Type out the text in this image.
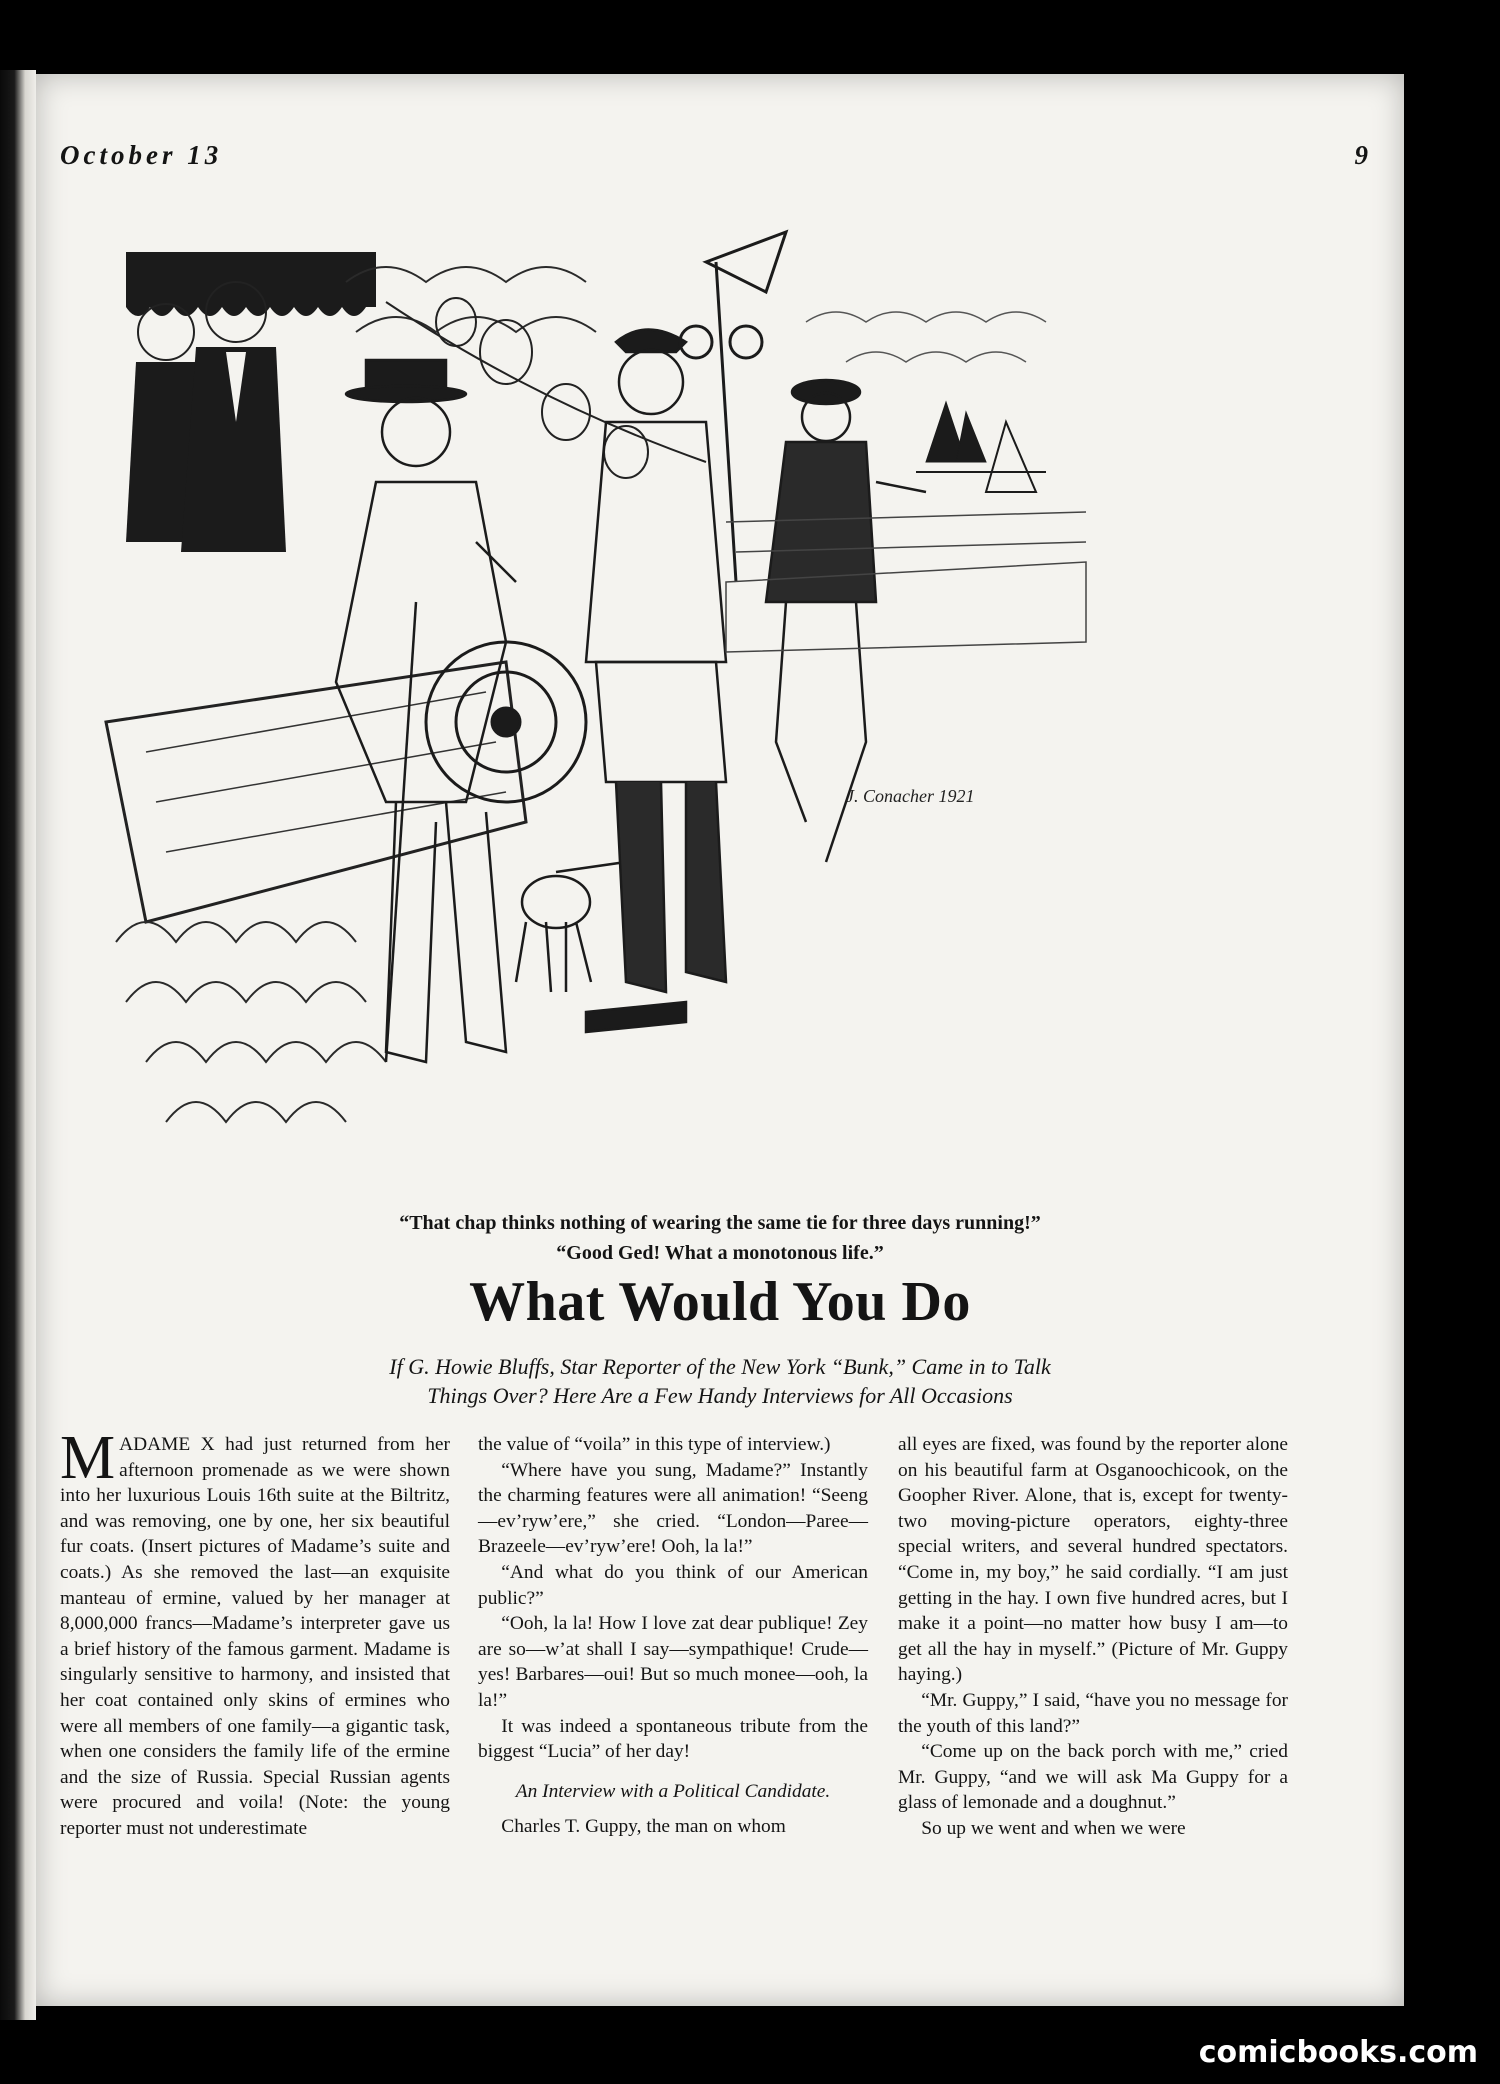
October 13	9
J. Conacher 1921
“That chap thinks nothing of wearing the same tie for three days running!”
“Good Ged! What a monotonous life.”
What Would You Do
If G. Howie Bluffs, Star Reporter of the New York “Bunk,” Came in to Talk
Things Over? Here Are a Few Handy Interviews for All Occasions

MADAME X had just returned from her afternoon promenade as we were shown into her luxurious Louis 16th suite at the Biltritz, and was removing, one by one, her six beautiful fur coats. (Insert pictures of Madame’s suite and coats.) As she removed the last—an exquisite manteau of ermine, valued by her manager at 8,000,000 francs—Madame’s interpreter gave us a brief history of the famous garment. Madame is singularly sensitive to harmony, and insisted that her coat contained only skins of ermines who were all members of one family—a gigantic task, when one considers the family life of the ermine and the size of Russia. Special Russian agents were procured and voila! (Note: the young reporter must not underestimate

the value of “voila” in this type of interview.)

“Where have you sung, Madame?” Instantly the charming features were all animation! “Seeng—ev’ryw’ere,” she cried. “London—Paree—Brazeele—ev’ryw’ere! Ooh, la la!”

“And what do you think of our American public?”

“Ooh, la la! How I love zat dear publique! Zey are so—w’at shall I say—sympathique! Crude—yes! Barbares—oui! But so much monee—ooh, la la!”

It was indeed a spontaneous tribute from the biggest “Lucia” of her day!

An Interview with a Political Candidate.

Charles T. Guppy, the man on whom

all eyes are fixed, was found by the reporter alone on his beautiful farm at Osganoochicook, on the Goopher River. Alone, that is, except for twenty-two moving-picture operators, eighty-three special writers, and several hundred spectators. “Come in, my boy,” he said cordially. “I am just getting in the hay. I own five hundred acres, but I make it a point—no matter how busy I am—to get all the hay in myself.” (Picture of Mr. Guppy haying.)

“Mr. Guppy,” I said, “have you no message for the youth of this land?”

“Come up on the back porch with me,” cried Mr. Guppy, “and we will ask Ma Guppy for a glass of lemonade and a doughnut.”

So up we went and when we were

comicbooks.com
